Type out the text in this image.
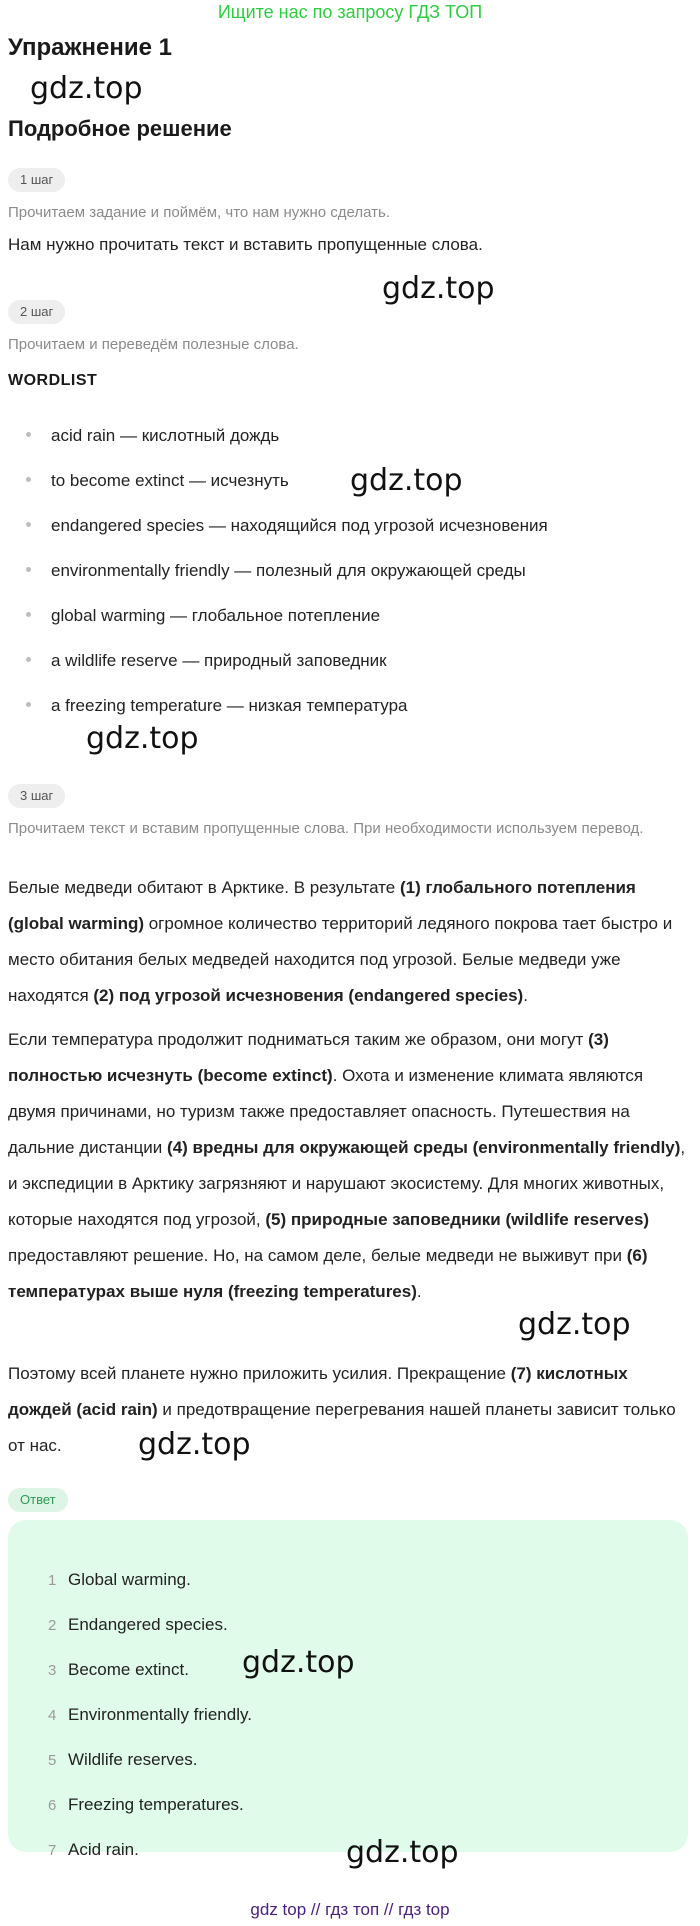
Ищите нас по запросу ГДЗ ТОП
Упражнение 1
gdz.top
Подробное решение
1 шаг
Прочитаем задание и поймём, что нам нужно сделать.
Нам нужно прочитать текст и вставить пропущенные слова.
gdz.top
2 шаг
Прочитаем и переведём полезные слова.
WORDLIST
acid rain — кислотный дождь
to become extinct — исчезнуть
endangered species — находящийся под угрозой исчезновения
environmentally friendly — полезный для окружающей среды
global warming — глобальное потепление
a wildlife reserve — природный заповедник
a freezing temperature — низкая температура
gdz.top
gdz.top
3 шаг
Прочитаем текст и вставим пропущенные слова. При необходимости используем перевод.

Белые медведи обитают в Арктике. В результате (1) глобального потепления (global warming) огромное количество территорий ледяного покрова тает быстро и место обитания белых медведей находится под угрозой. Белые медведи уже находятся (2) под угрозой исчезновения (endangered species).

Если температура продолжит подниматься таким же образом, они могут (3) полностью исчезнуть (become extinct). Охота и изменение климата являются двумя причинами, но туризм также предоставляет опасность. Путешествия на дальние дистанции (4) вредны для окружающей среды (environmentally friendly), и экспедиции в Арктику загрязняют и нарушают экосистему. Для многих животных, которые находятся под угрозой, (5) природные заповедники (wildlife reserves) предоставляют решение. Но, на самом деле, белые медведи не выживут при (6) температурах выше нуля (freezing temperatures).

Поэтому всей планете нужно приложить усилия. Прекращение (7) кислотных дождей (acid rain) и предотвращение перегревания нашей планеты зависит только от нас.

gdz.top
gdz.top
Ответ
1 Global warming.
2 Endangered species.
3 Become extinct.
4 Environmentally friendly.
5 Wildlife reserves.
6 Freezing temperatures.
7 Acid rain.
gdz.top
gdz.top
gdz top // гдз топ // гдз top
